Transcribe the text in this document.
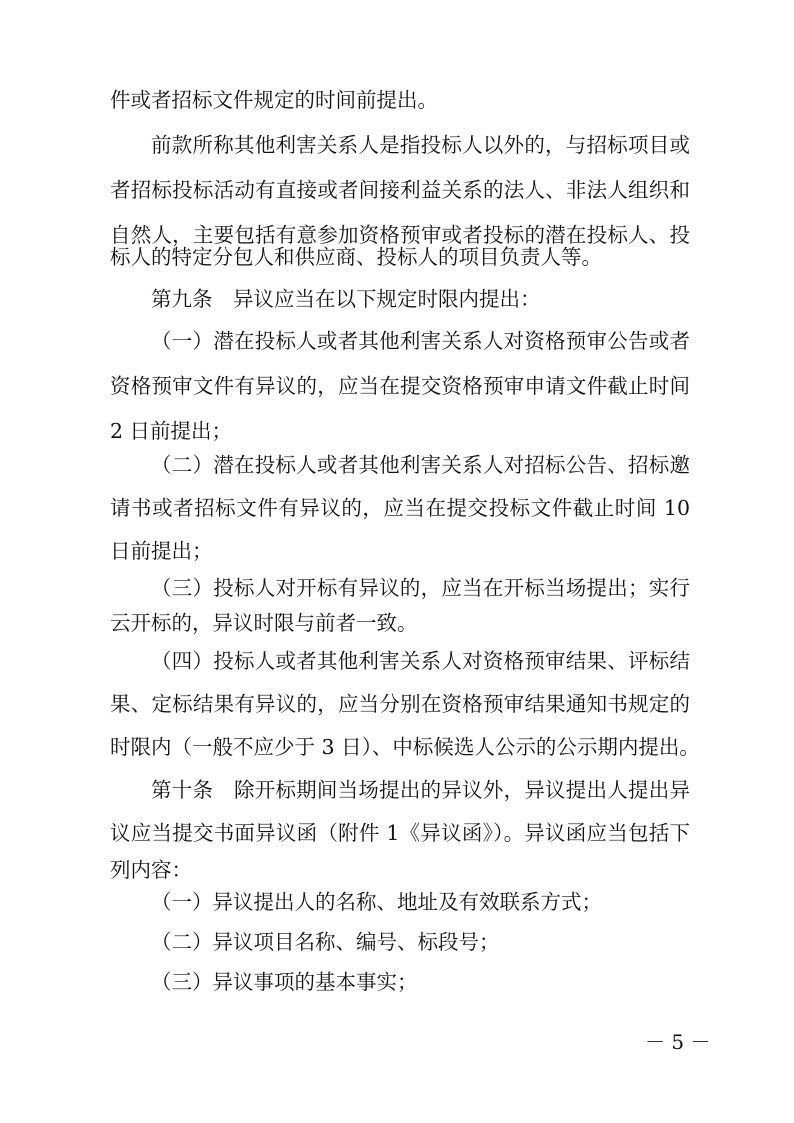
件或者招标文件规定的时间前提出。
前款所称其他利害关系人是指投标人以外的，与招标项目或
者招标投标活动有直接或者间接利益关系的法人、非法人组织和
自然人，主要包括有意参加资格预审或者投标的潜在投标人、投
标人的特定分包人和供应商、投标人的项目负责人等。
第九条　异议应当在以下规定时限内提出：
（一）潜在投标人或者其他利害关系人对资格预审公告或者
资格预审文件有异议的，应当在提交资格预审申请文件截止时间
2 日前提出；
（二）潜在投标人或者其他利害关系人对招标公告、招标邀
请书或者招标文件有异议的，应当在提交投标文件截止时间 10
日前提出；
（三）投标人对开标有异议的，应当在开标当场提出；实行
云开标的，异议时限与前者一致。
（四）投标人或者其他利害关系人对资格预审结果、评标结
果、定标结果有异议的，应当分别在资格预审结果通知书规定的
时限内（一般不应少于 3 日）、中标候选人公示的公示期内提出。
第十条　除开标期间当场提出的异议外，异议提出人提出异
议应当提交书面异议函（附件 1《异议函》）。异议函应当包括下
列内容：
（一）异议提出人的名称、地址及有效联系方式；
（二）异议项目名称、编号、标段号；
（三）异议事项的基本事实；
－ 5 －
